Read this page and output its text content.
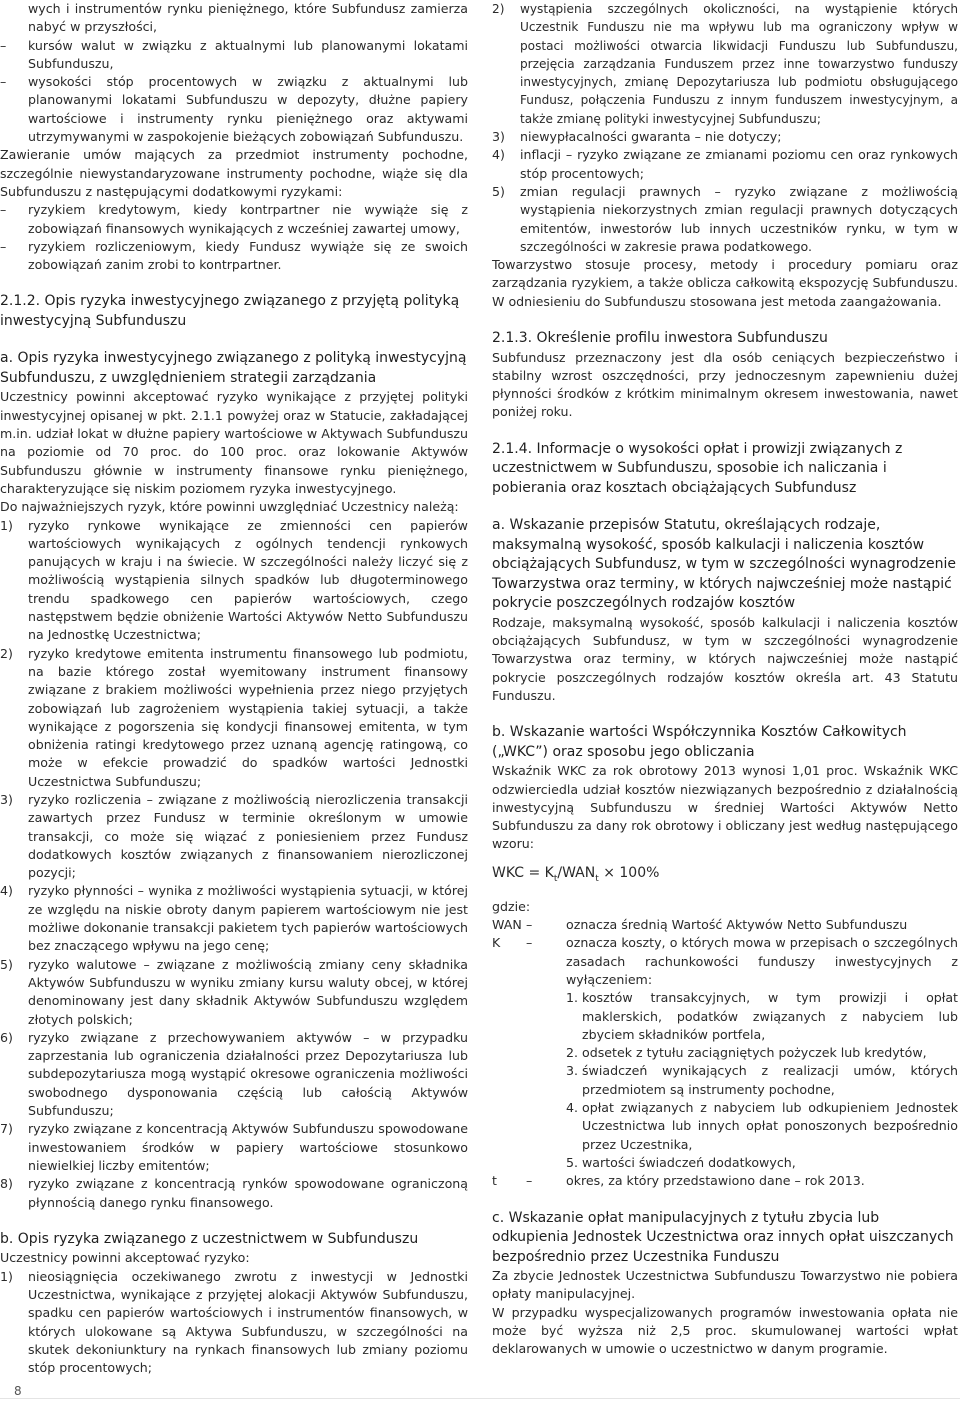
wych i instrumentów rynku pieniężnego, które Subfundusz zamierza nabyć w przyszłości,

–	kursów walut w związku z aktualnymi lub planowanymi lokatami Subfunduszu,
–	wysokości stóp procentowych w związku z aktualnymi lub planowanymi lokatami Subfunduszu w depozyty, dłużne papiery wartościowe i instrumenty rynku pieniężnego oraz aktywami utrzymywanymi w zaspokojenie bieżących zobowiązań Subfunduszu.

Zawieranie umów mających za przedmiot instrumenty pochodne, szczególnie niewystandaryzowane instrumenty pochodne, wiąże się dla Subfunduszu z następującymi dodatkowymi ryzykami:

–	ryzykiem kredytowym, kiedy kontrpartner nie wywiąże się z zobowiązań finansowych wynikających z wcześniej zawartej umowy,
–	ryzykiem rozliczeniowym, kiedy Fundusz wywiąże się ze swoich zobowiązań zanim zrobi to kontrpartner.

2.1.2. Opis ryzyka inwestycyjnego związanego z przyjętą polityką inwestycyjną Subfunduszu

a. Opis ryzyka inwestycyjnego związanego z polityką inwestycyjną Subfunduszu, z uwzględnieniem strategii zarządzania

Uczestnicy powinni akceptować ryzyko wynikające z przyjętej polityki inwestycyjnej opisanej w pkt. 2.1.1 powyżej oraz w Statucie, zakładającej m.in. udział lokat w dłużne papiery wartościowe w Aktywach Subfunduszu na poziomie od 70 proc. do 100 proc. oraz lokowanie Aktywów Subfunduszu głównie w instrumenty finansowe rynku pieniężnego, charakteryzujące się niskim poziomem ryzyka inwestycyjnego.

Do najważniejszych ryzyk, które powinni uwzględniać Uczestnicy należą:

1)	ryzyko rynkowe wynikające ze zmienności cen papierów wartościowych wynikających z ogólnych tendencji rynkowych panujących w kraju i na świecie. W szczególności należy liczyć się z możliwością wystąpienia silnych spadków lub długoterminowego trendu spadkowego cen papierów wartościowych, czego następstwem będzie obniżenie Wartości Aktywów Netto Subfunduszu na Jednostkę Uczestnictwa;
2)	ryzyko kredytowe emitenta instrumentu finansowego lub podmiotu, na bazie którego został wyemitowany instrument finansowy związane z brakiem możliwości wypełnienia przez niego przyjętych zobowiązań lub zagrożeniem wystąpienia takiej sytuacji, a także wynikające z pogorszenia się kondycji finansowej emitenta, w tym obniżenia ratingi kredytowego przez uznaną agencję ratingową, co może w efekcie prowadzić do spadków wartości Jednostki Uczestnictwa Subfunduszu;
3)	ryzyko rozliczenia – związane z możliwością nierozliczenia transakcji zawartych przez Fundusz w terminie określonym w umowie transakcji, co może się wiązać z poniesieniem przez Fundusz dodatkowych kosztów związanych z finansowaniem nierozliczonej pozycji;
4)	ryzyko płynności – wynika z możliwości wystąpienia sytuacji, w której ze względu na niskie obroty danym papierem wartościowym nie jest możliwe dokonanie transakcji pakietem tych papierów wartościowych bez znaczącego wpływu na jego cenę;
5)	ryzyko walutowe – związane z możliwością zmiany ceny składnika Aktywów Subfunduszu w wyniku zmiany kursu waluty obcej, w której denominowany jest dany składnik Aktywów Subfunduszu względem złotych polskich;
6)	ryzyko związane z przechowywaniem aktywów – w przypadku zaprzestania lub ograniczenia działalności przez Depozytariusza lub subdepozytariusza mogą wystąpić okresowe ograniczenia możliwości swobodnego dysponowania częścią lub całością Aktywów Subfunduszu;
7)	ryzyko związane z koncentracją Aktywów Subfunduszu spowodowane inwestowaniem środków w papiery wartościowe stosunkowo niewielkiej liczby emitentów;
8)	ryzyko związane z koncentracją rynków spowodowane ograniczoną płynnością danego rynku finansowego.

b. Opis ryzyka związanego z uczestnictwem w Subfunduszu

Uczestnicy powinni akceptować ryzyko:

1)	nieosiągnięcia oczekiwanego zwrotu z inwestycji w Jednostki Uczestnictwa, wynikające z przyjętej alokacji Aktywów Subfunduszu, spadku cen papierów wartościowych i instrumentów finansowych, w których ulokowane są Aktywa Subfunduszu, w szczególności na skutek dekoniunktury na rynkach finansowych lub zmiany poziomu stóp procentowych;
2)	wystąpienia szczególnych okoliczności, na wystąpienie których Uczestnik Funduszu nie ma wpływu lub ma ograniczony wpływ w postaci możliwości otwarcia likwidacji Funduszu lub Subfunduszu, przejęcia zarządzania Funduszem przez inne towarzystwo funduszy inwestycyjnych, zmianę Depozytariusza lub podmiotu obsługującego Fundusz, połączenia Funduszu z innym funduszem inwestycyjnym, a także zmianę polityki inwestycyjnej Subfunduszu;
3)	niewypłacalności gwaranta – nie dotyczy;
4)	inflacji – ryzyko związane ze zmianami poziomu cen oraz rynkowych stóp procentowych;
5)	zmian regulacji prawnych – ryzyko związane z możliwością wystąpienia niekorzystnych zmian regulacji prawnych dotyczących emitentów, inwestorów lub innych uczestników rynku, w tym w szczególności w zakresie prawa podatkowego.

Towarzystwo stosuje procesy, metody i procedury pomiaru oraz zarządzania ryzykiem, a także oblicza całkowitą ekspozycję Subfunduszu. W odniesieniu do Subfunduszu stosowana jest metoda zaangażowania.

2.1.3. Określenie profilu inwestora Subfunduszu

Subfundusz przeznaczony jest dla osób ceniących bezpieczeństwo i stabilny wzrost oszczędności, przy jednoczesnym zapewnieniu dużej płynności środków z krótkim minimalnym okresem inwestowania, nawet poniżej roku.

2.1.4. Informacje o wysokości opłat i prowizji związanych z uczestnictwem w Subfunduszu, sposobie ich naliczania i pobierania oraz kosztach obciążających Subfundusz

a. Wskazanie przepisów Statutu, określających rodzaje, maksymalną wysokość, sposób kalkulacji i naliczenia kosztów obciążających Subfundusz, w tym w szczególności wynagrodzenie Towarzystwa oraz terminy, w których najwcześniej może nastąpić pokrycie poszczególnych rodzajów kosztów

Rodzaje, maksymalną wysokość, sposób kalkulacji i naliczenia kosztów obciążających Subfundusz, w tym w szczególności wynagrodzenie Towarzystwa oraz terminy, w których najwcześniej może nastąpić pokrycie poszczególnych rodzajów kosztów określa art. 43 Statutu Funduszu.

b. Wskazanie wartości Współczynnika Kosztów Całkowitych („WKC”) oraz sposobu jego obliczania

Wskaźnik WKC za rok obrotowy 2013 wynosi 1,01 proc. Wskaźnik WKC odzwierciedla udział kosztów niezwiązanych bezpośrednio z działalnością inwestycyjną Subfunduszu w średniej Wartości Aktywów Netto Subfunduszu za dany rok obrotowy i obliczany jest według następującego wzoru:

WKC = $K_t/WAN_t \times 100\%$

gdzie:

WAN –	oznacza średnią Wartość Aktywów Netto Subfunduszu
K	–	oznacza koszty, o których mowa w przepisach o szczególnych zasadach rachunkowości funduszy inwestycyjnych z wyłączeniem:
1. kosztów transakcyjnych, w tym prowizji i opłat maklerskich, podatków związanych z nabyciem lub zbyciem składników portfela,
2. odsetek z tytułu zaciągniętych pożyczek lub kredytów,
3. świadczeń wynikających z realizacji umów, których przedmiotem są instrumenty pochodne,
4. opłat związanych z nabyciem lub odkupieniem Jednostek Uczestnictwa lub innych opłat ponoszonych bezpośrednio przez Uczestnika,
5. wartości świadczeń dodatkowych,
t	–	okres, za który przedstawiono dane – rok 2013.

c. Wskazanie opłat manipulacyjnych z tytułu zbycia lub odkupienia Jednostek Uczestnictwa oraz innych opłat uiszczanych bezpośrednio przez Uczestnika Funduszu

Za zbycie Jednostek Uczestnictwa Subfunduszu Towarzystwo nie pobiera opłaty manipulacyjnej.

W przypadku wyspecjalizowanych programów inwestowania opłata nie może być wyższa niż 2,5 proc. skumulowanej wartości wpłat deklarowanych w umowie o uczestnictwo w danym programie.

8
